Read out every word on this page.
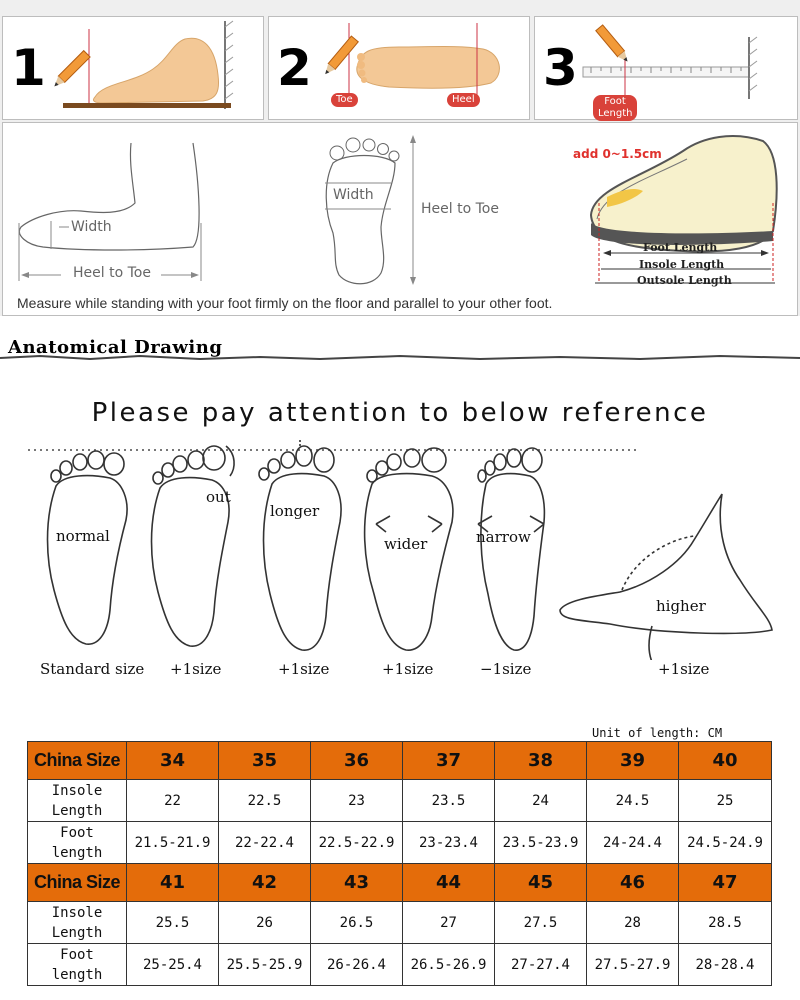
1	2
Toe	Heel
3
Foot Length
Width
Heel to Toe
Width
Heel to Toe
add 0~1.5cm
Foot Length
Insole Length
Outsole Length
Measure while standing with your foot firmly on the floor and parallel to your other foot.
Anatomical Drawing
Please pay attention to below reference
normal
out
longer
wider	narrow
higher
Standard size +1size	+1size	+1size	−1size	+1size
Unit of length: CM
China Size	34	35	36	37	38	39	40
Insole
Length	22	22.5	23	23.5	24	24.5	25
Foot
length	21.5-21.9	22-22.4	22.5-22.9	23-23.4	23.5-23.9	24-24.4	24.5-24.9
China Size	41	42	43	44	45	46	47
Insole
Length	25.5	26	26.5	27	27.5	28	28.5
Foot
length	25-25.4	25.5-25.9	26-26.4	26.5-26.9	27-27.4	27.5-27.9	28-28.4
